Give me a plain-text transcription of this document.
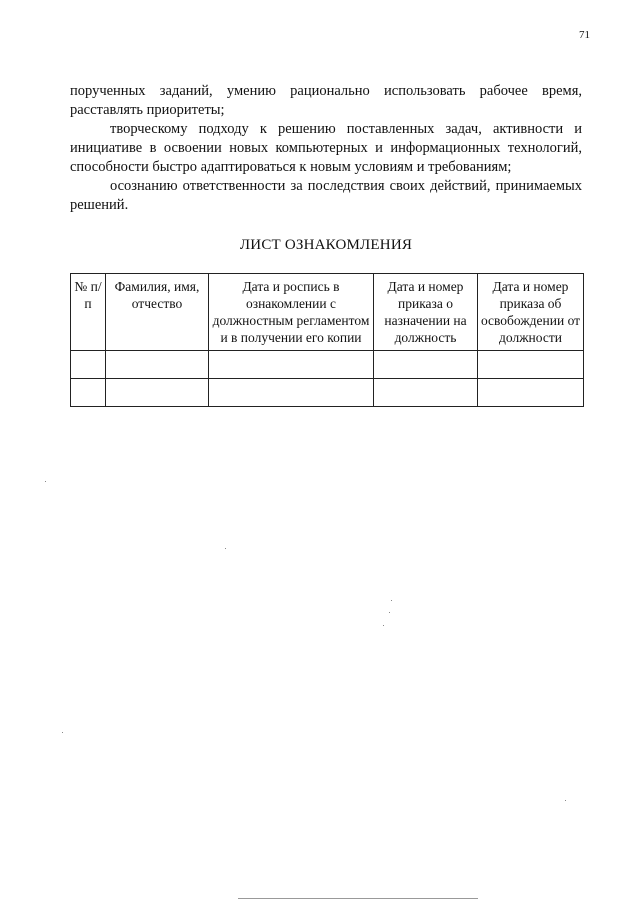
71

порученных заданий, умению рационально использовать рабочее время, расставлять приоритеты;

творческому подходу к решению поставленных задач, активности и инициативе в освоении новых компьютерных и информационных технологий, способности быстро адаптироваться к новым условиям и требованиям;

осознанию ответственности за последствия своих действий, принимаемых решений.

ЛИСТ ОЗНАКОМЛЕНИЯ
№ п/п	Фамилия, имя, отчество	Дата и роспись в ознакомлении с должностным регламентом и в получении его копии	Дата и номер приказа о назначении на должность	Дата и номер приказа об освобождении от должности
